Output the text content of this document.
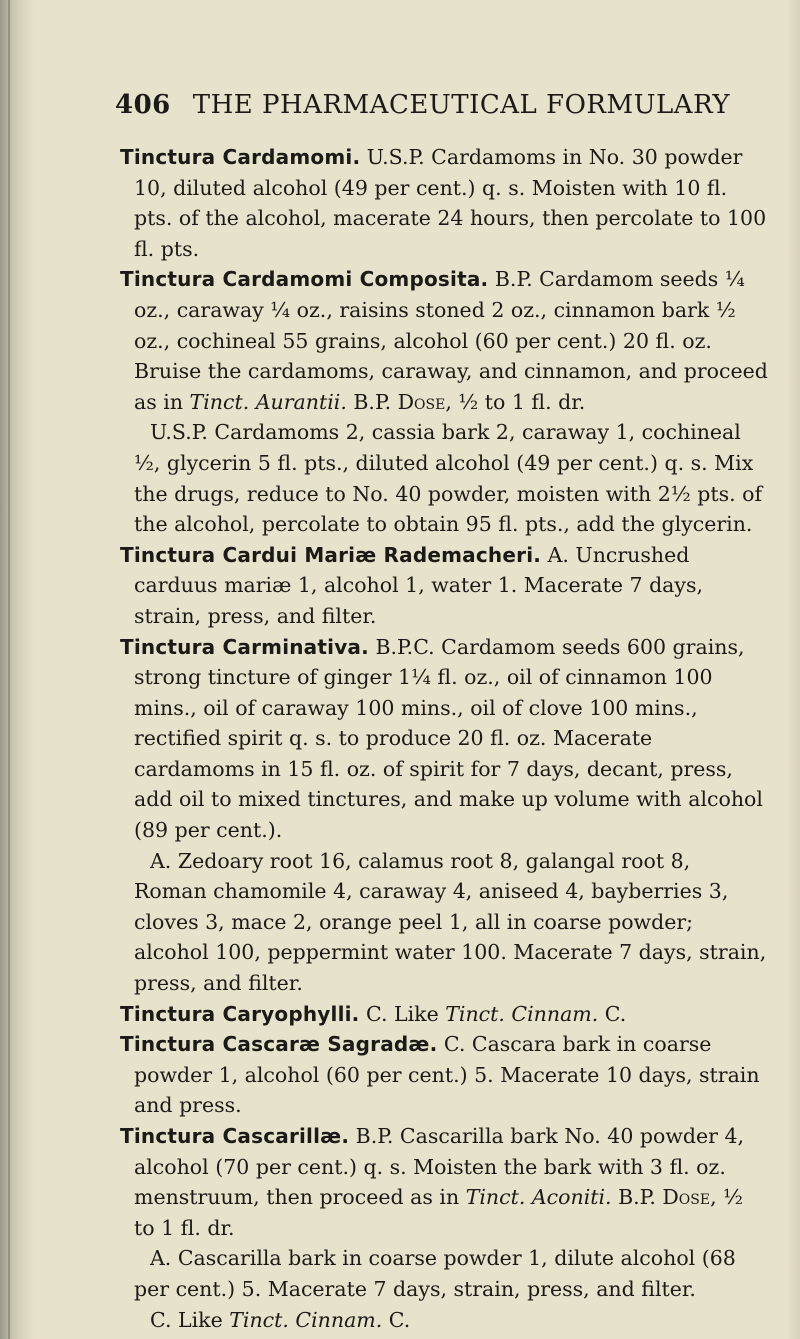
406 THE PHARMACEUTICAL FORMULARY

Tinctura Cardamomi. U.S.P. Cardamoms in No. 30 powder 10, diluted alcohol (49 per cent.) q. s. Moisten with 10 fl. pts. of the alcohol, macerate 24 hours, then percolate to 100 fl. pts.

Tinctura Cardamomi Composita. B.P. Cardamom seeds ¼ oz., caraway ¼ oz., raisins stoned 2 oz., cinnamon bark ½ oz., cochineal 55 grains, alcohol (60 per cent.) 20 fl. oz. Bruise the cardamoms, caraway, and cinnamon, and proceed as in Tinct. Aurantii. B.P. Dose, ½ to 1 fl. dr.

U.S.P. Cardamoms 2, cassia bark 2, caraway 1, cochineal ½, glycerin 5 fl. pts., diluted alcohol (49 per cent.) q. s. Mix the drugs, reduce to No. 40 powder, moisten with 2½ pts. of the alcohol, percolate to obtain 95 fl. pts., add the glycerin.

Tinctura Cardui Mariæ Rademacheri. A. Uncrushed carduus mariæ 1, alcohol 1, water 1. Macerate 7 days, strain, press, and filter.

Tinctura Carminativa. B.P.C. Cardamom seeds 600 grains, strong tincture of ginger 1¼ fl. oz., oil of cinnamon 100 mins., oil of caraway 100 mins., oil of clove 100 mins., rectified spirit q. s. to produce 20 fl. oz. Macerate cardamoms in 15 fl. oz. of spirit for 7 days, decant, press, add oil to mixed tinctures, and make up volume with alcohol (89 per cent.).

A. Zedoary root 16, calamus root 8, galangal root 8, Roman chamomile 4, caraway 4, aniseed 4, bayberries 3, cloves 3, mace 2, orange peel 1, all in coarse powder; alcohol 100, peppermint water 100. Macerate 7 days, strain, press, and filter.

Tinctura Caryophylli. C. Like Tinct. Cinnam. C.

Tinctura Cascaræ Sagradæ. C. Cascara bark in coarse powder 1, alcohol (60 per cent.) 5. Macerate 10 days, strain and press.

Tinctura Cascarillæ. B.P. Cascarilla bark No. 40 powder 4, alcohol (70 per cent.) q. s. Moisten the bark with 3 fl. oz. menstruum, then proceed as in Tinct. Aconiti. B.P. Dose, ½ to 1 fl. dr.

A. Cascarilla bark in coarse powder 1, dilute alcohol (68 per cent.) 5. Macerate 7 days, strain, press, and filter.

C. Like Tinct. Cinnam. C.
